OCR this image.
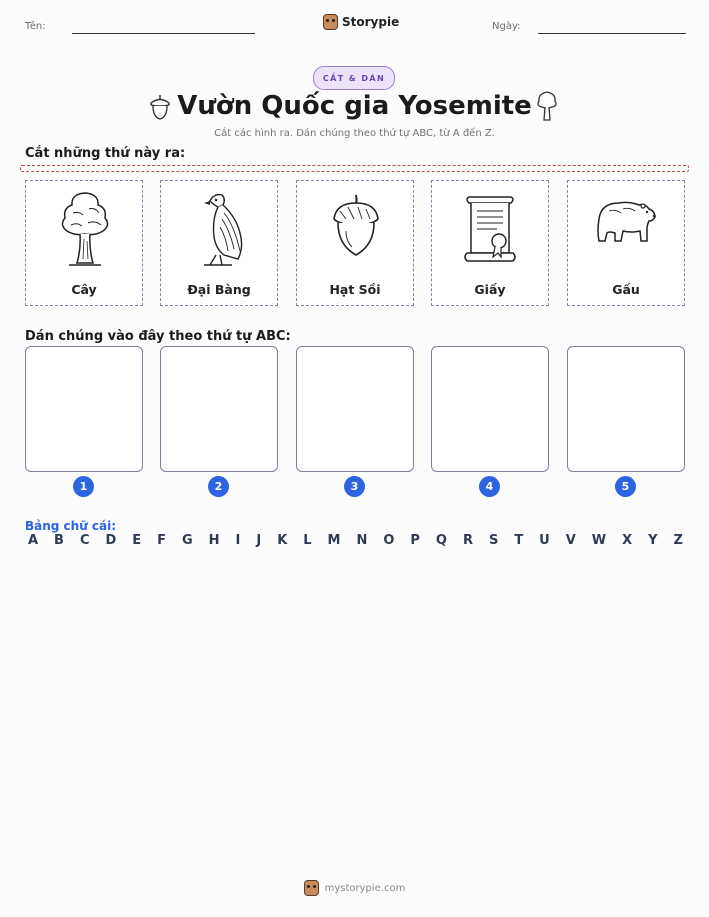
Tên:	Storypie	Ngày:
CẮT & DÁN
Vườn Quốc gia Yosemite
Cắt các hình ra. Dán chúng theo thứ tự ABC, từ A đến Z.
Cắt những thứ này ra:
Cây	Đại Bàng	Hạt Sồi	Giấy	Gấu
Dán chúng vào đây theo thứ tự ABC:
1	2	3	4	5
Bảng chữ cái:
A B C D E F G H I J K L M N O P Q R S T U V W X Y Z
mystorypie.com
